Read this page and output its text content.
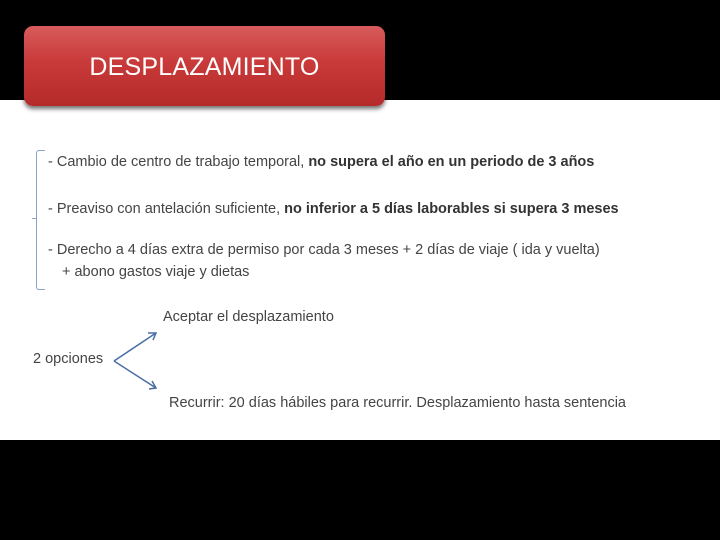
DESPLAZAMIENTO
- Cambio de centro de trabajo temporal, no supera el año en un periodo de 3 años
- Preaviso con antelación suficiente, no inferior a 5 días laborables si supera 3 meses
- Derecho a 4 días extra de permiso por cada 3 meses + 2 días de viaje ( ida y vuelta)
+ abono gastos viaje y dietas
Aceptar el desplazamiento
2 opciones
Recurrir: 20 días hábiles para recurrir. Desplazamiento hasta sentencia
